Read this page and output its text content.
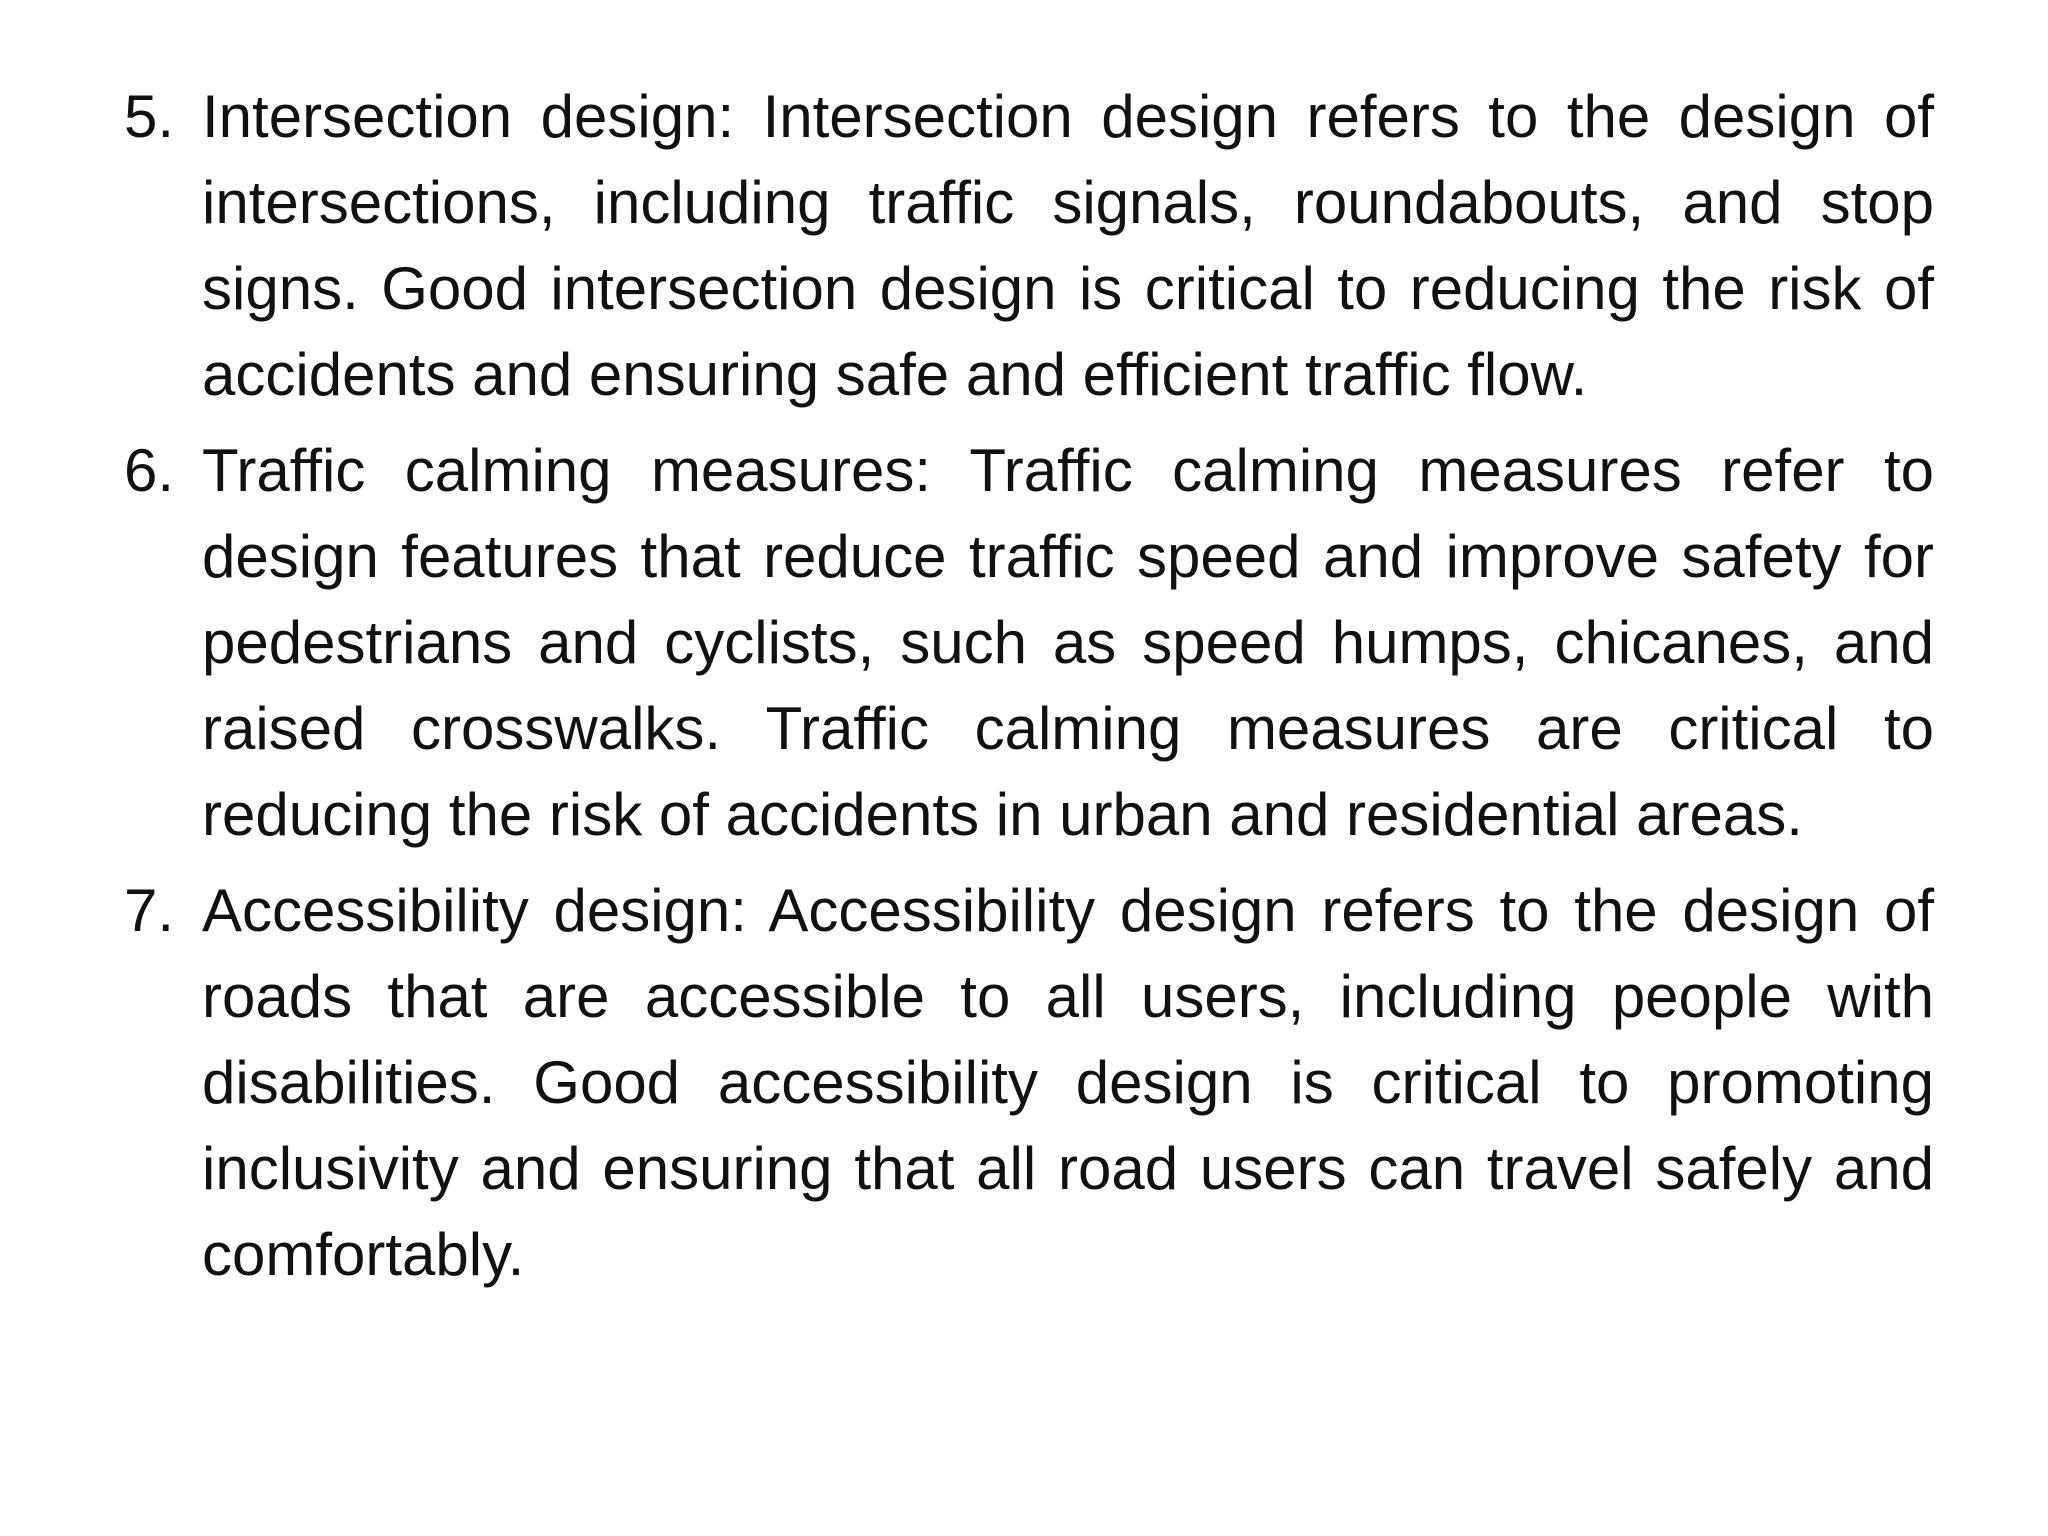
5. Intersection design: Intersection design refers to the design of intersections, including traffic signals, roundabouts, and stop signs. Good intersection design is critical to reducing the risk of accidents and ensuring safe and efficient traffic flow.
6. Traffic calming measures: Traffic calming measures refer to design features that reduce traffic speed and improve safety for pedestrians and cyclists, such as speed humps, chicanes, and raised crosswalks. Traffic calming measures are critical to reducing the risk of accidents in urban and residential areas.
7. Accessibility design: Accessibility design refers to the design of roads that are accessible to all users, including people with disabilities. Good accessibility design is critical to promoting inclusivity and ensuring that all road users can travel safely and comfortably.
